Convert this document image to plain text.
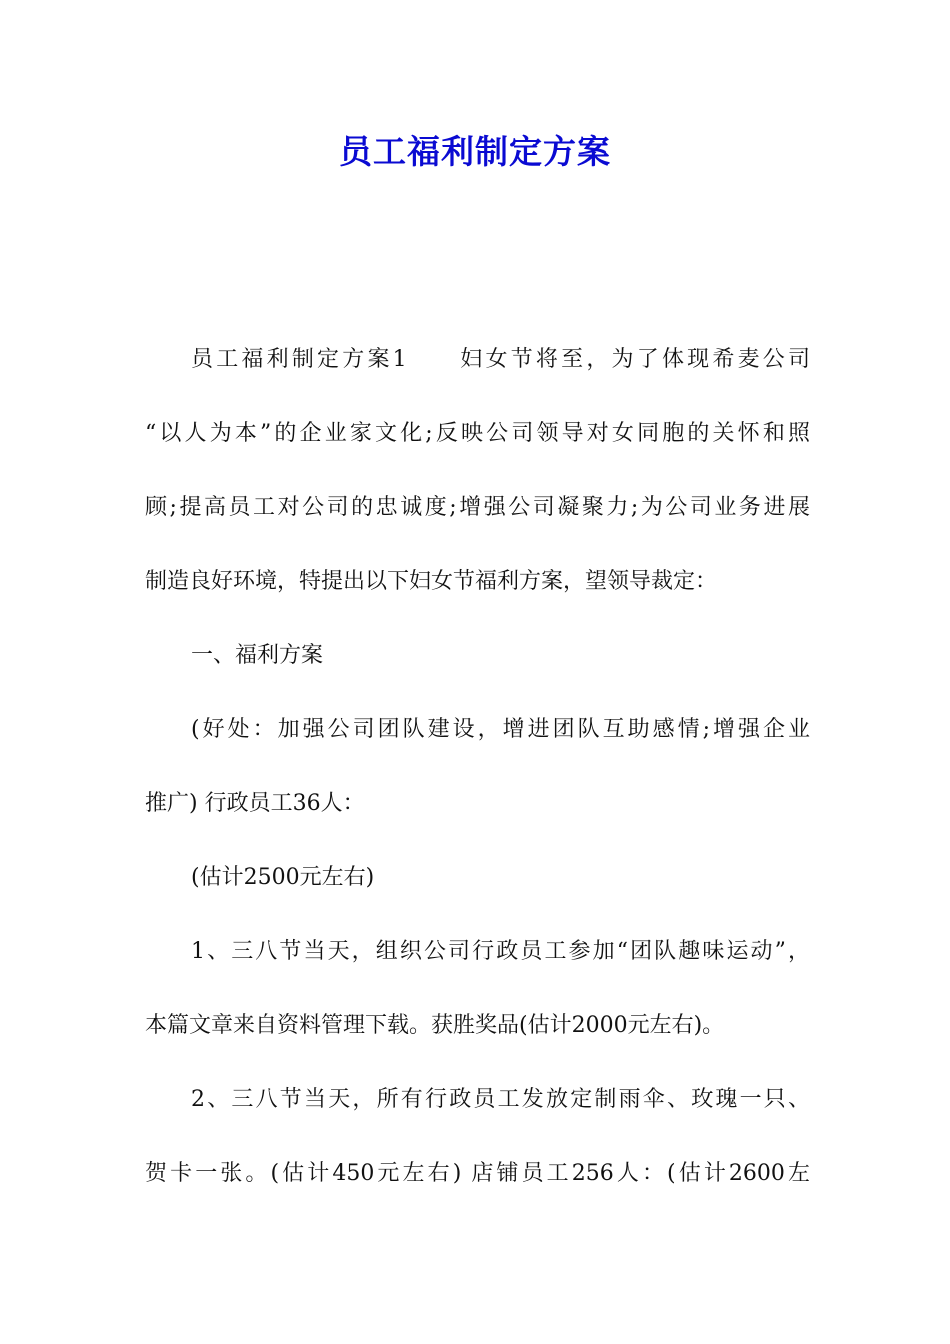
员工福利制定方案
员工福利制定方案1　　妇女节将至，为了体现希麦公司
“以人为本”的企业家文化;反映公司领导对女同胞的关怀和照
顾;提高员工对公司的忠诚度;增强公司凝聚力;为公司业务进展
制造良好环境，特提出以下妇女节福利方案，望领导裁定：
一、福利方案
(好处：加强公司团队建设，增进团队互助感情;增强企业
推广) 行政员工36人：
(估计2500元左右)
1、三八节当天，组织公司行政员工参加“团队趣味运动”，
本篇文章来自资料管理下载。获胜奖品(估计2000元左右)。
2、三八节当天，所有行政员工发放定制雨伞、玫瑰一只、
贺卡一张。(估计450元左右) 店铺员工256人：(估计2600左
